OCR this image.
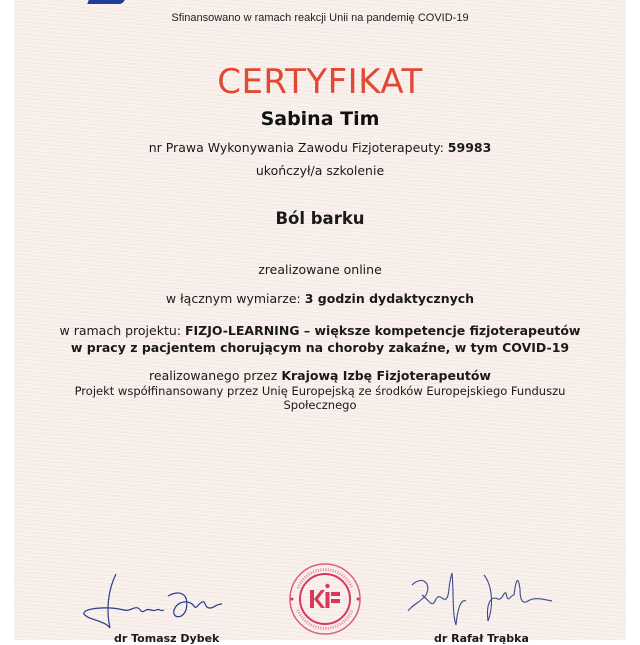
Sfinansowano w ramach reakcji Unii na pandemię COVID-19
CERTYFIKAT
Sabina Tim
nr Prawa Wykonywania Zawodu Fizjoterapeuty: 59983
ukończył/a szkolenie
Ból barku
zrealizowane online
w łącznym wymiarze: 3 godzin dydaktycznych
w ramach projektu: FIZJO-LEARNING – większe kompetencje fizjoterapeutów w pracy z pacjentem chorującym na choroby zakaźne, w tym COVID-19
realizowanego przez Krajową Izbę Fizjoterapeutów
Projekt współfinansowany przez Unię Europejską ze środków Europejskiego Funduszu Społecznego
dr Tomasz Dybek	dr Rafał Trąbka
